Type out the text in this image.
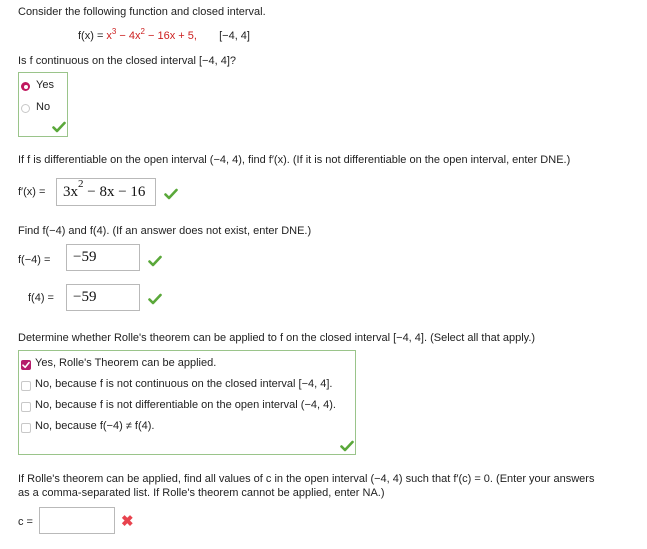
Consider the following function and closed interval.
$f(x) = x^3 - 4x^2 - 16x + 5$, [−4, 4]
Is f continuous on the closed interval [−4, 4]?
Yes
No
If f is differentiable on the open interval (−4, 4), find f′(x). (If it is not differentiable on the open interval, enter DNE.)
$f'(x) = 3x^2 - 8x - 16$
Find f(−4) and f(4). (If an answer does not exist, enter DNE.)
f(−4) = −59
f(4) = −59
Determine whether Rolle's theorem can be applied to f on the closed interval [−4, 4]. (Select all that apply.)
Yes, Rolle's Theorem can be applied.
No, because f is not continuous on the closed interval [−4, 4].
No, because f is not differentiable on the open interval (−4, 4).
No, because f(−4) ≠ f(4).
If Rolle's theorem can be applied, find all values of c in the open interval (−4, 4) such that f′(c) = 0. (Enter your answers
as a comma-separated list. If Rolle's theorem cannot be applied, enter NA.)
c =	✖
